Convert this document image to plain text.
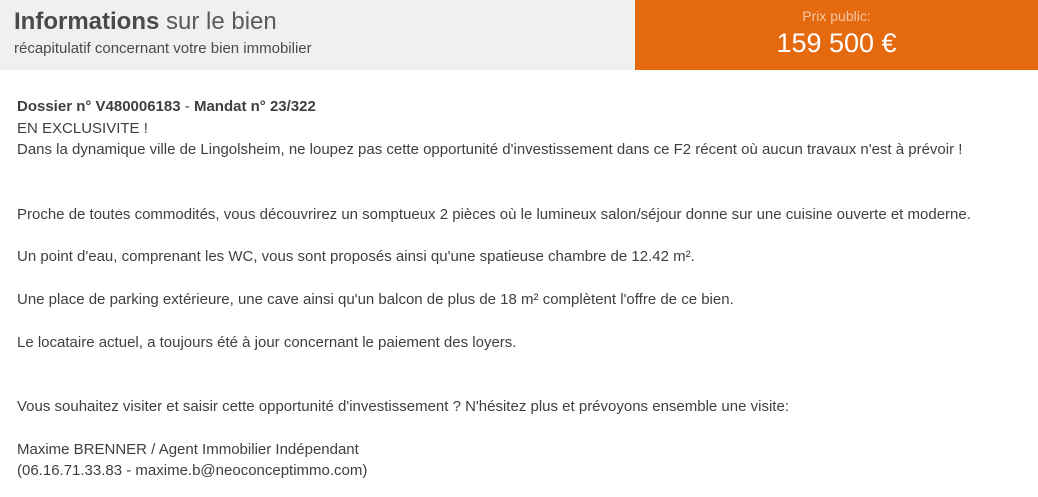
Informations sur le bien
récapitulatif concernant votre bien immobilier
Prix public:
159 500 €

Dossier n° V480006183 - Mandat n° 23/322

EN EXCLUSIVITE !

Dans la dynamique ville de Lingolsheim, ne loupez pas cette opportunité d'investissement dans ce F2 récent où aucun travaux n'est à prévoir !

Proche de toutes commodités, vous découvrirez un somptueux 2 pièces où le lumineux salon/séjour donne sur une cuisine ouverte et moderne.

Un point d'eau, comprenant les WC, vous sont proposés ainsi qu'une spatieuse chambre de 12.42 m².

Une place de parking extérieure, une cave ainsi qu'un balcon de plus de 18 m² complètent l'offre de ce bien.

Le locataire actuel, a toujours été à jour concernant le paiement des loyers.

Vous souhaitez visiter et saisir cette opportunité d'investissement ? N'hésitez plus et prévoyons ensemble une visite:

Maxime BRENNER / Agent Immobilier Indépendant

(06.16.71.33.83 - maxime.b@neoconceptimmo.com)
